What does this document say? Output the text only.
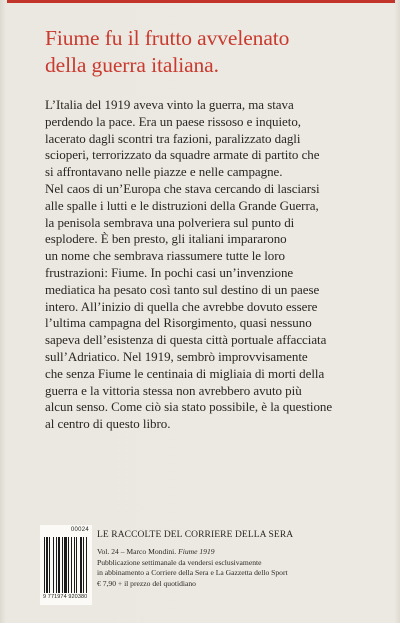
Fiume fu il frutto avvelenato
della guerra italiana.
L’Italia del 1919 aveva vinto la guerra, ma stava
perdendo la pace. Era un paese rissoso e inquieto,
lacerato dagli scontri tra fazioni, paralizzato dagli
scioperi, terrorizzato da squadre armate di partito che
si affrontavano nelle piazze e nelle campagne.
Nel caos di un’Europa che stava cercando di lasciarsi
alle spalle i lutti e le distruzioni della Grande Guerra,
la penisola sembrava una polveriera sul punto di
esplodere. È ben presto, gli italiani impararono
un nome che sembrava riassumere tutte le loro
frustrazioni: Fiume. In pochi casi un’invenzione
mediatica ha pesato così tanto sul destino di un paese
intero. All’inizio di quella che avrebbe dovuto essere
l’ultima campagna del Risorgimento, quasi nessuno
sapeva dell’esistenza di questa città portuale affacciata
sull’Adriatico. Nel 1919, sembrò improvvisamente
che senza Fiume le centinaia di migliaia di morti della
guerra e la vittoria stessa non avrebbero avuto più
alcun senso. Come ciò sia stato possibile, è la questione
al centro di questo libro.
00024
9 771974 920380
LE RACCOLTE DEL CORRIERE DELLA SERA
Vol. 24 – Marco Mondini. Fiume 1919
Pubblicazione settimanale da vendersi esclusivamente
in abbinamento a Corriere della Sera e La Gazzetta dello Sport
€ 7,90 + il prezzo del quotidiano
